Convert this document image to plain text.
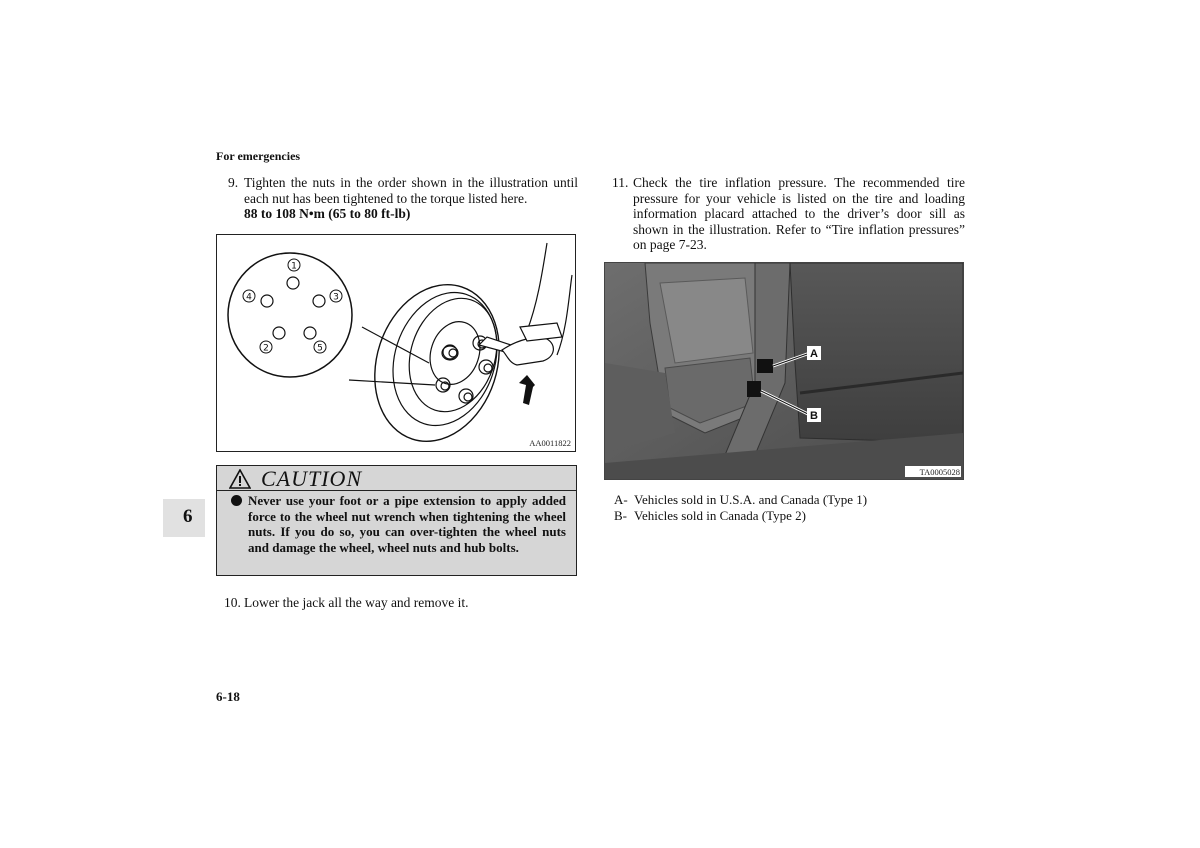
For emergencies
9. Tighten the nuts in the order shown in the illustration until each nut has been tightened to the torque listed here.
88 to 108 N•m (65 to 80 ft-lb)
1
2
3
4
5
AA0011822
CAUTION
Never use your foot or a pipe extension to apply added force to the wheel nut wrench when tightening the wheel nuts. If you do so, you can over-tighten the wheel nuts and damage the wheel, wheel nuts and hub bolts.
10. Lower the jack all the way and remove it.
11. Check the tire inflation pressure. The recommended tire pressure for your vehicle is listed on the tire and loading information placard attached to the driver’s door sill as shown in the illustration. Refer to “Tire inflation pressures” on page 7-23.
A
B
TA0005028
A- Vehicles sold in U.S.A. and Canada (Type 1)
B- Vehicles sold in Canada (Type 2)
6
6-18
